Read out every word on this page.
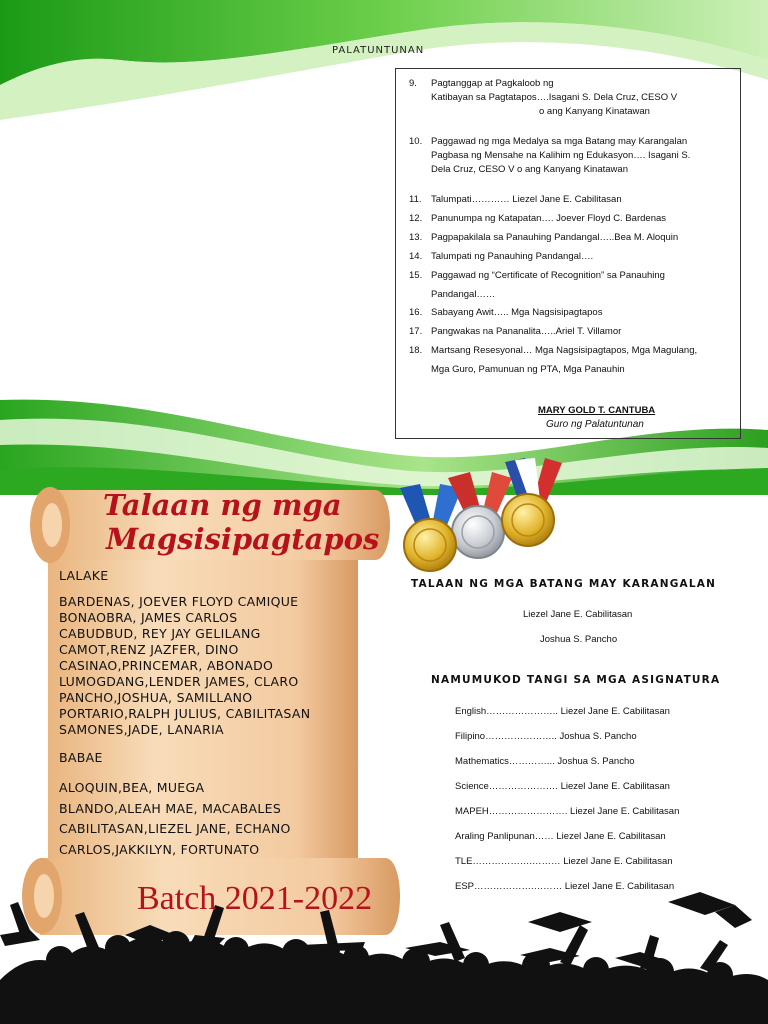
PALATUNTUNAN
9.	Pagtanggap at Pagkaloob ng
Katibayan sa Pagtatapos….Isagani S. Dela Cruz, CESO V
o ang Kanyang Kinatawan
10. Paggawad ng mga Medalya sa mga Batang may Karangalan
Pagbasa ng Mensahe na Kalihim ng Edukasyon…. Isagani S.
Dela Cruz, CESO V o ang Kanyang Kinatawan
11. Talumpati………… Liezel Jane E. Cabilitasan
12. Panunumpa ng Katapatan…. Joever Floyd C. Bardenas
13. Pagpapakilala sa Panauhing Pandangal…..Bea M. Aloquin
14. Talumpati ng Panauhing Pandangal….
15. Paggawad ng “Certificate of Recognition” sa Panauhing
Pandangal……
16. Sabayang Awit….. Mga Nagsisipagtapos
17. Pangwakas na Pananalita…..Ariel T. Villamor
18. Martsang Resesyonal… Mga Nagsisipagtapos, Mga Magulang,
Mga Guro, Pamunuan ng PTA, Mga Panauhin
MARY GOLD T. CANTUBA
Guro ng Palatuntunan
Talaan ng mga
Magsisipagtapos
LALAKE
BARDENAS, JOEVER FLOYD CAMIQUE
BONAOBRA, JAMES CARLOS
CABUDBUD, REY JAY GELILANG
CAMOT,RENZ JAZFER, DINO
CASINAO,PRINCEMAR, ABONADO
LUMOGDANG,LENDER JAMES, CLARO
PANCHO,JOSHUA, SAMILLANO
PORTARIO,RALPH JULIUS, CABILITASAN
SAMONES,JADE, LANARIA
BABAE
ALOQUIN,BEA, MUEGA
BLANDO,ALEAH MAE, MACABALES
CABILITASAN,LIEZEL JANE, ECHANO
CARLOS,JAKKILYN, FORTUNATO
Batch 2021-2022
TALAAN NG MGA BATANG MAY KARANGALAN
Liezel Jane E. Cabilitasan
Joshua S. Pancho
NAMUMUKOD TANGI SA MGA ASIGNATURA
English………………….. Liezel Jane E. Cabilitasan
Filipino………………….. Joshua S. Pancho
Mathematics…………... Joshua S. Pancho
Science…………………. Liezel Jane E. Cabilitasan
MAPEH……………………. Liezel Jane E. Cabilitasan
Araling Panlipunan…… Liezel Jane E. Cabilitasan
TLE……………….……… Liezel Jane E. Cabilitasan
ESP……………….……… Liezel Jane E. Cabilitasan
